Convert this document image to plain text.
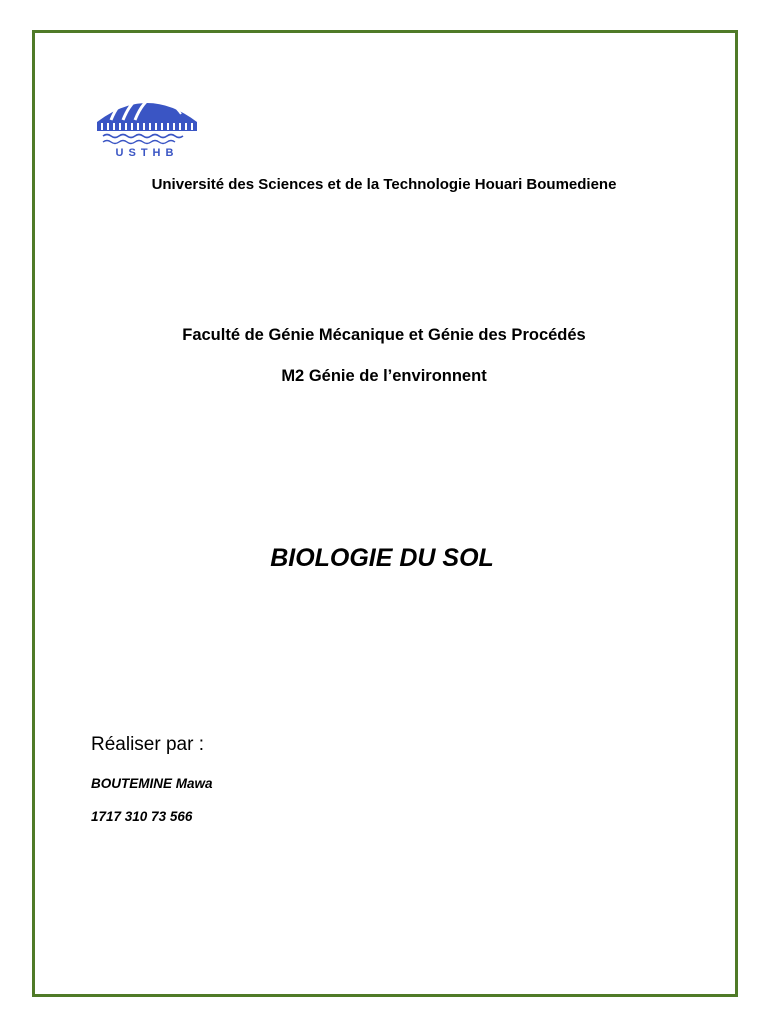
USTHB
Université des Sciences et de la Technologie Houari Boumediene
Faculté de Génie Mécanique et Génie des Procédés
M2 Génie de l’environnent
BIOLOGIE DU SOL
Réaliser par :
BOUTEMINE Mawa
1717 310 73 566
